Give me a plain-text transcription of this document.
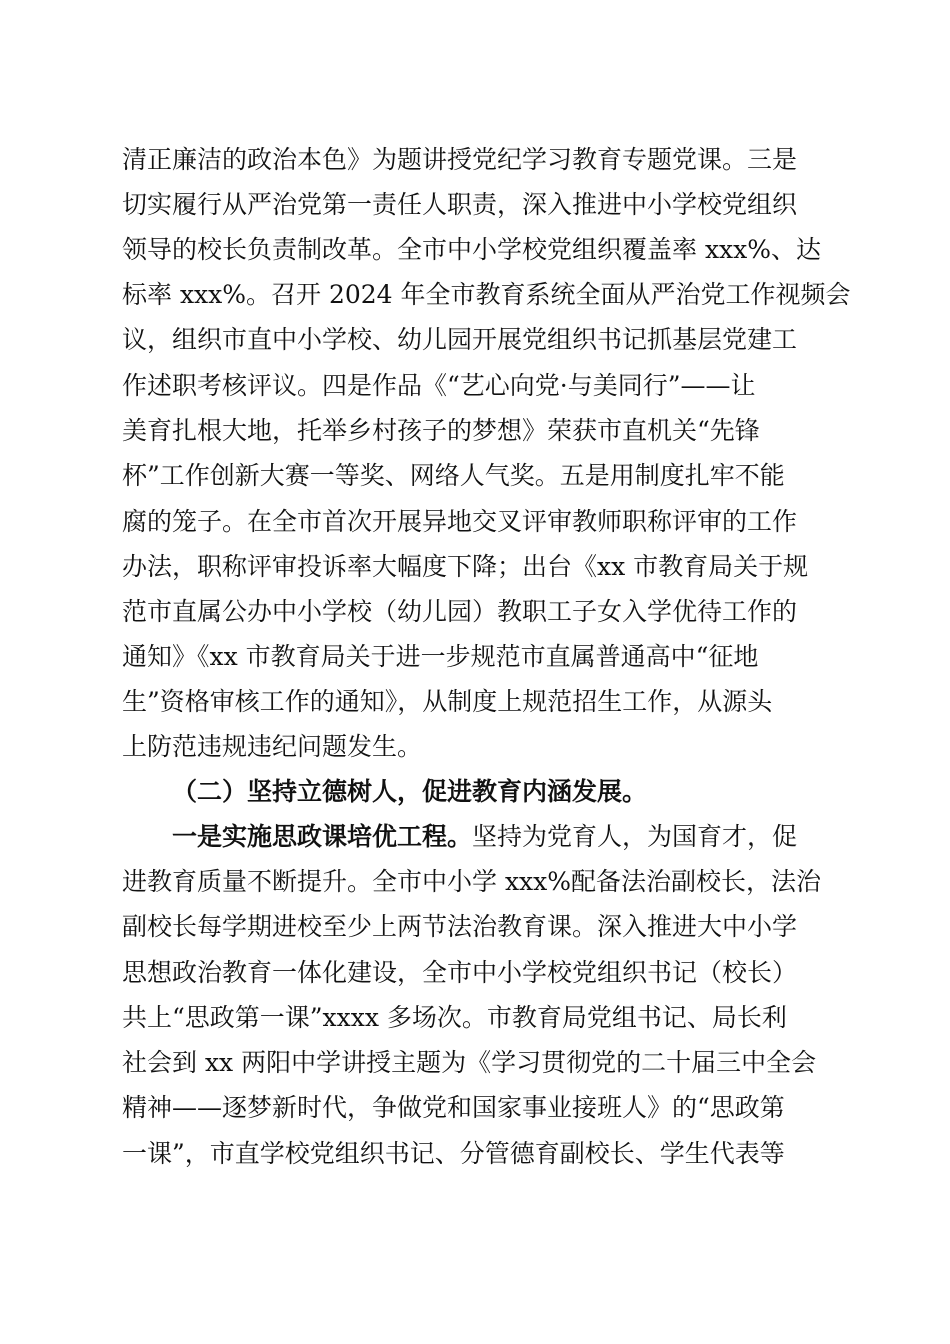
清正廉洁的政治本色》为题讲授党纪学习教育专题党课。三是
切实履行从严治党第一责任人职责，深入推进中小学校党组织
领导的校长负责制改革。全市中小学校党组织覆盖率 xxx%、达
标率 xxx%。召开 2024 年全市教育系统全面从严治党工作视频会
议，组织市直中小学校、幼儿园开展党组织书记抓基层党建工
作述职考核评议。四是作品《“艺心向党·与美同行”——让
美育扎根大地，托举乡村孩子的梦想》荣获市直机关“先锋
杯”工作创新大赛一等奖、网络人气奖。五是用制度扎牢不能
腐的笼子。在全市首次开展异地交叉评审教师职称评审的工作
办法，职称评审投诉率大幅度下降；出台《xx 市教育局关于规
范市直属公办中小学校（幼儿园）教职工子女入学优待工作的
通知》《xx 市教育局关于进一步规范市直属普通高中“征地
生”资格审核工作的通知》，从制度上规范招生工作，从源头
上防范违规违纪问题发生。
（二）坚持立德树人，促进教育内涵发展。
一是实施思政课培优工程。坚持为党育人，为国育才，促
进教育质量不断提升。全市中小学 xxx%配备法治副校长，法治
副校长每学期进校至少上两节法治教育课。深入推进大中小学
思想政治教育一体化建设，全市中小学校党组织书记（校长）
共上“思政第一课”xxxx 多场次。市教育局党组书记、局长利
社会到 xx 两阳中学讲授主题为《学习贯彻党的二十届三中全会
精神——逐梦新时代，争做党和国家事业接班人》的“思政第
一课”，市直学校党组织书记、分管德育副校长、学生代表等
